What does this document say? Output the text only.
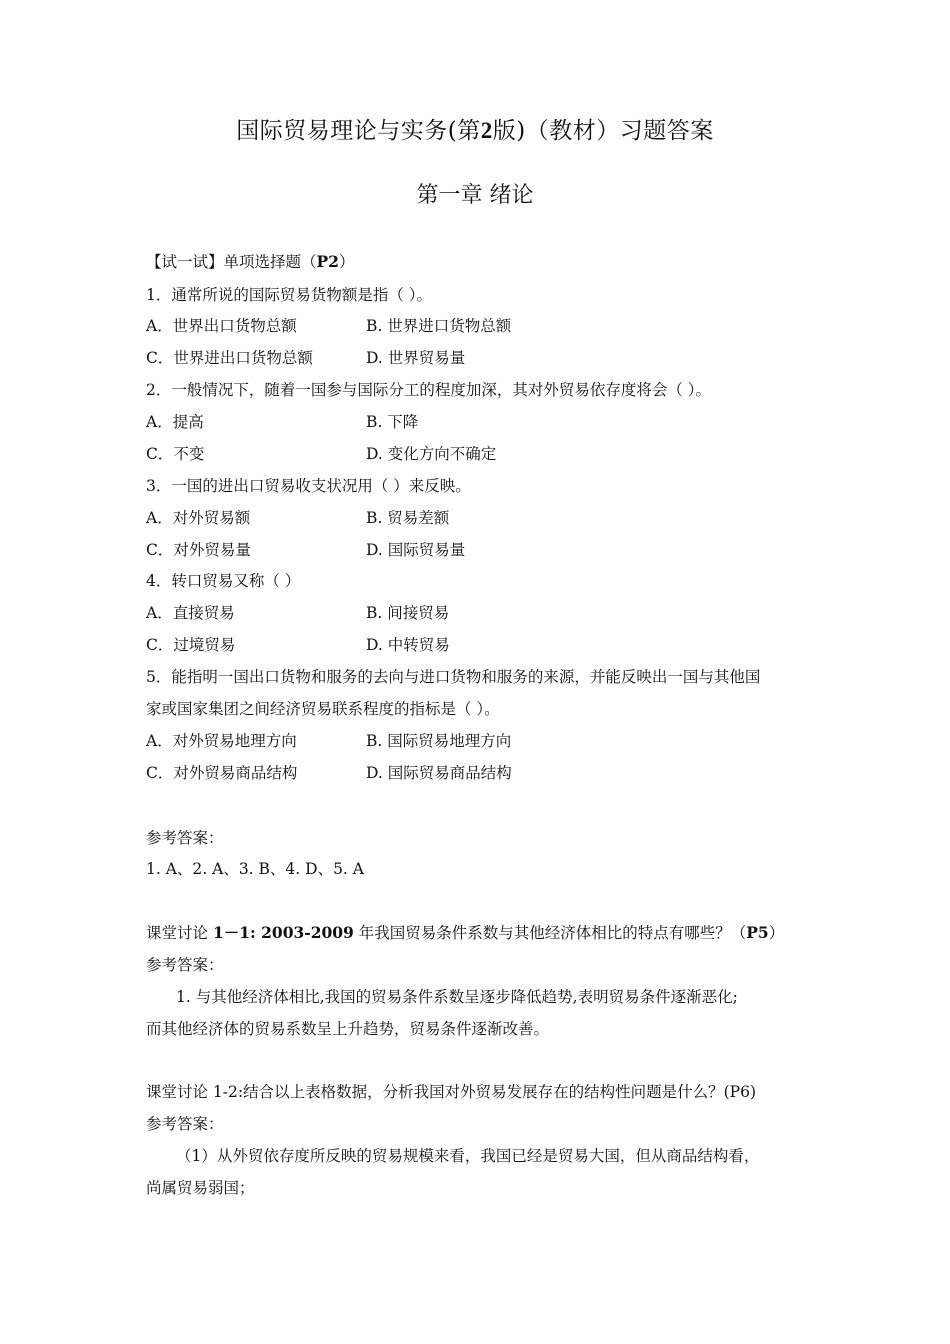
国际贸易理论与实务(第2版)（教材）习题答案
第一章 绪论
【试一试】单项选择题（P2）
1．通常所说的国际贸易货物额是指（ ）。
A．世界出口货物总额	B. 世界进口货物总额
C．世界进出口货物总额	D. 世界贸易量
2．一般情况下，随着一国参与国际分工的程度加深，其对外贸易依存度将会（ ）。
A．提高	B. 下降
C．不变	D. 变化方向不确定
3．一国的进出口贸易收支状况用（ ）来反映。
A．对外贸易额	B. 贸易差额
C．对外贸易量	D. 国际贸易量
4．转口贸易又称（ ）
A．直接贸易	B. 间接贸易
C．过境贸易	D. 中转贸易
5．能指明一国出口货物和服务的去向与进口货物和服务的来源，并能反映出一国与其他国
家或国家集团之间经济贸易联系程度的指标是（ ）。
A．对外贸易地理方向	B. 国际贸易地理方向
C．对外贸易商品结构	D. 国际贸易商品结构
参考答案：
1. A、2. A、3. B、4. D、5. A
课堂讨论 1－1: 2003-2009 年我国贸易条件系数与其他经济体相比的特点有哪些？（P5）
参考答案：
1. 与其他经济体相比,我国的贸易条件系数呈逐步降低趋势,表明贸易条件逐渐恶化;
而其他经济体的贸易系数呈上升趋势，贸易条件逐渐改善。
课堂讨论 1-2:结合以上表格数据，分析我国对外贸易发展存在的结构性问题是什么？(P6)
参考答案：
（1）从外贸依存度所反映的贸易规模来看，我国已经是贸易大国，但从商品结构看，
尚属贸易弱国；
